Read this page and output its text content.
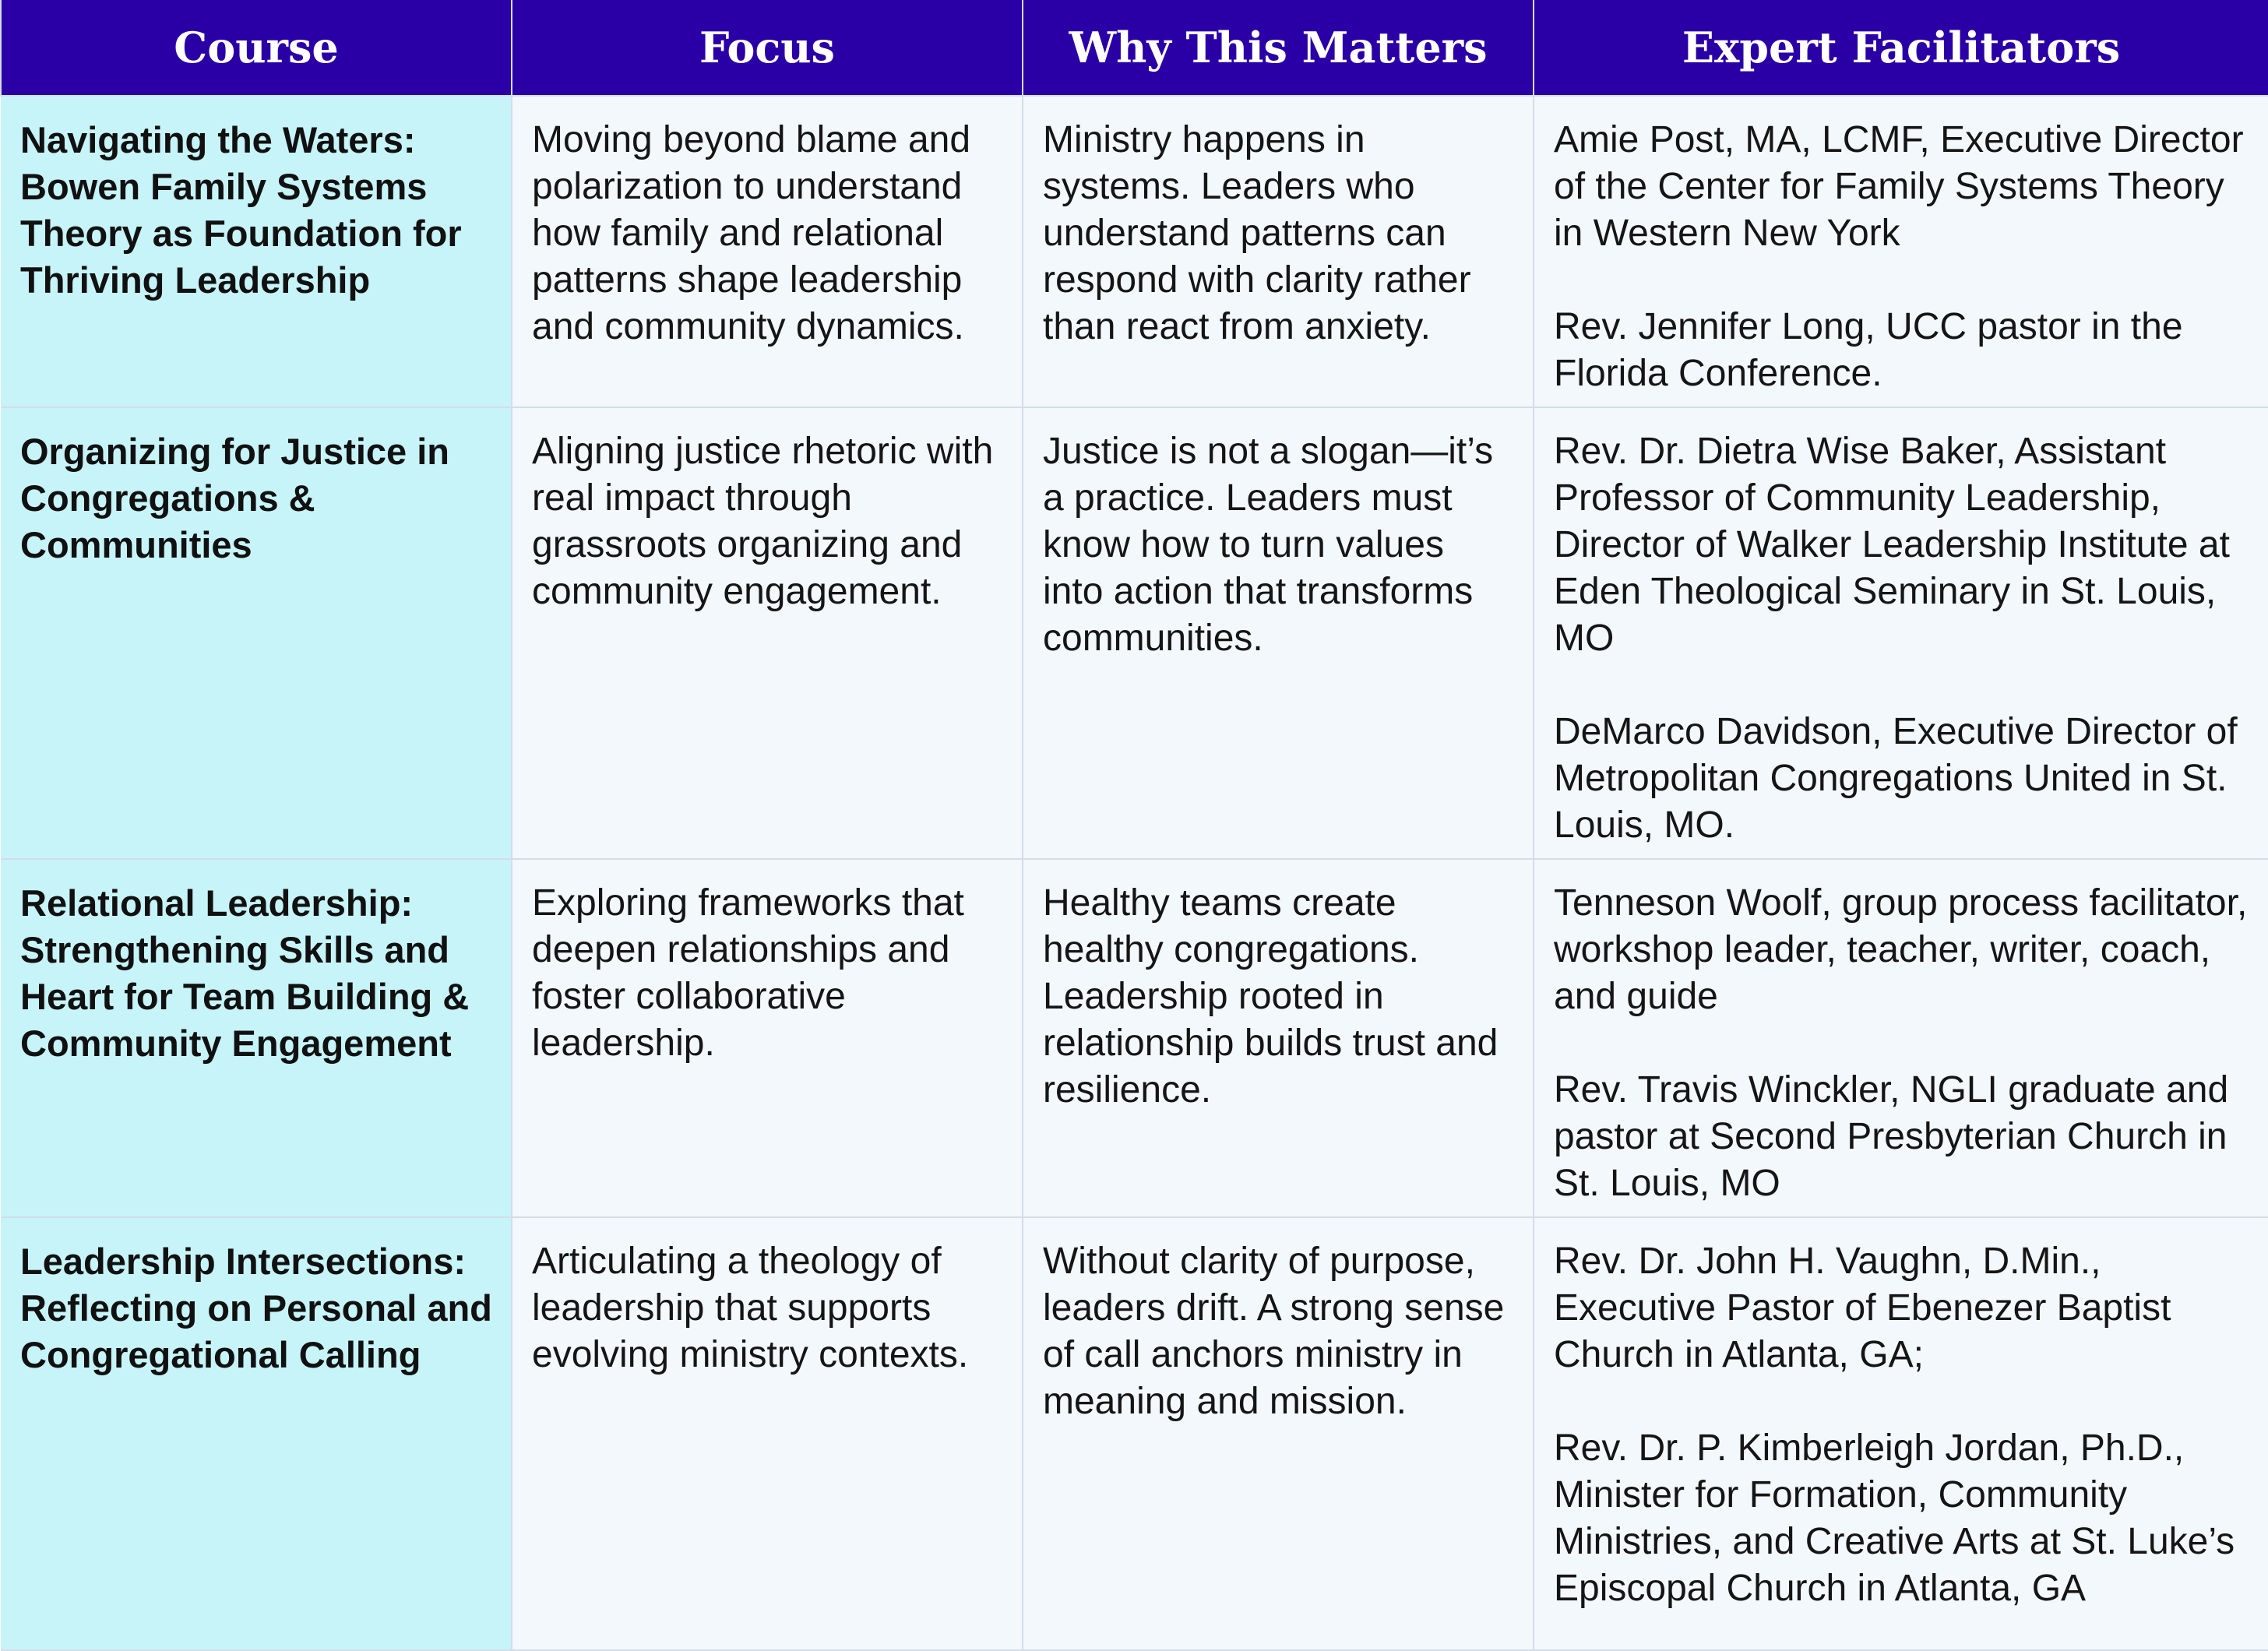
Course	Focus	Why This Matters	Expert Facilitators
Navigating the Waters: Bowen Family Systems Theory as Foundation for Thriving Leadership	Moving beyond blame and polarization to understand how family and relational patterns shape leadership and community dynamics.	Ministry happens in systems. Leaders who understand patterns can respond with clarity rather than react from anxiety.	Amie Post, MA, LCMF, Executive Director of the Center for Family Systems Theory in Western New York
Rev. Jennifer Long, UCC pastor in the Florida Conference.

Organizing for Justice in Congregations & Communities	Aligning justice rhetoric with real impact through grassroots organizing and community engagement.	Justice is not a slogan—it’s a practice. Leaders must know how to turn values into action that transforms communities.	Rev. Dr. Dietra Wise Baker, Assistant Professor of Community Leadership, Director of Walker Leadership Institute at Eden Theological Seminary in St. Louis, MO
DeMarco Davidson, Executive Director of Metropolitan Congregations United in St. Louis, MO.

Relational Leadership: Strengthening Skills and Heart for Team Building & Community Engagement	Exploring frameworks that deepen relationships and foster collaborative leadership.	Healthy teams create healthy congregations. Leadership rooted in relationship builds trust and resilience.	Tenneson Woolf, group process facilitator, workshop leader, teacher, writer, coach, and guide
Rev. Travis Winckler, NGLI graduate and pastor at Second Presbyterian Church in St. Louis, MO

Leadership Intersections: Reflecting on Personal and Congregational Calling	Articulating a theology of leadership that supports evolving ministry contexts.	Without clarity of purpose, leaders drift. A strong sense of call anchors ministry in meaning and mission.	Rev. Dr. John H. Vaughn, D.Min., Executive Pastor of Ebenezer Baptist Church in Atlanta, GA;
Rev. Dr. P. Kimberleigh Jordan, Ph.D., Minister for Formation, Community Ministries, and Creative Arts at St. Luke’s Episcopal Church in Atlanta, GA
